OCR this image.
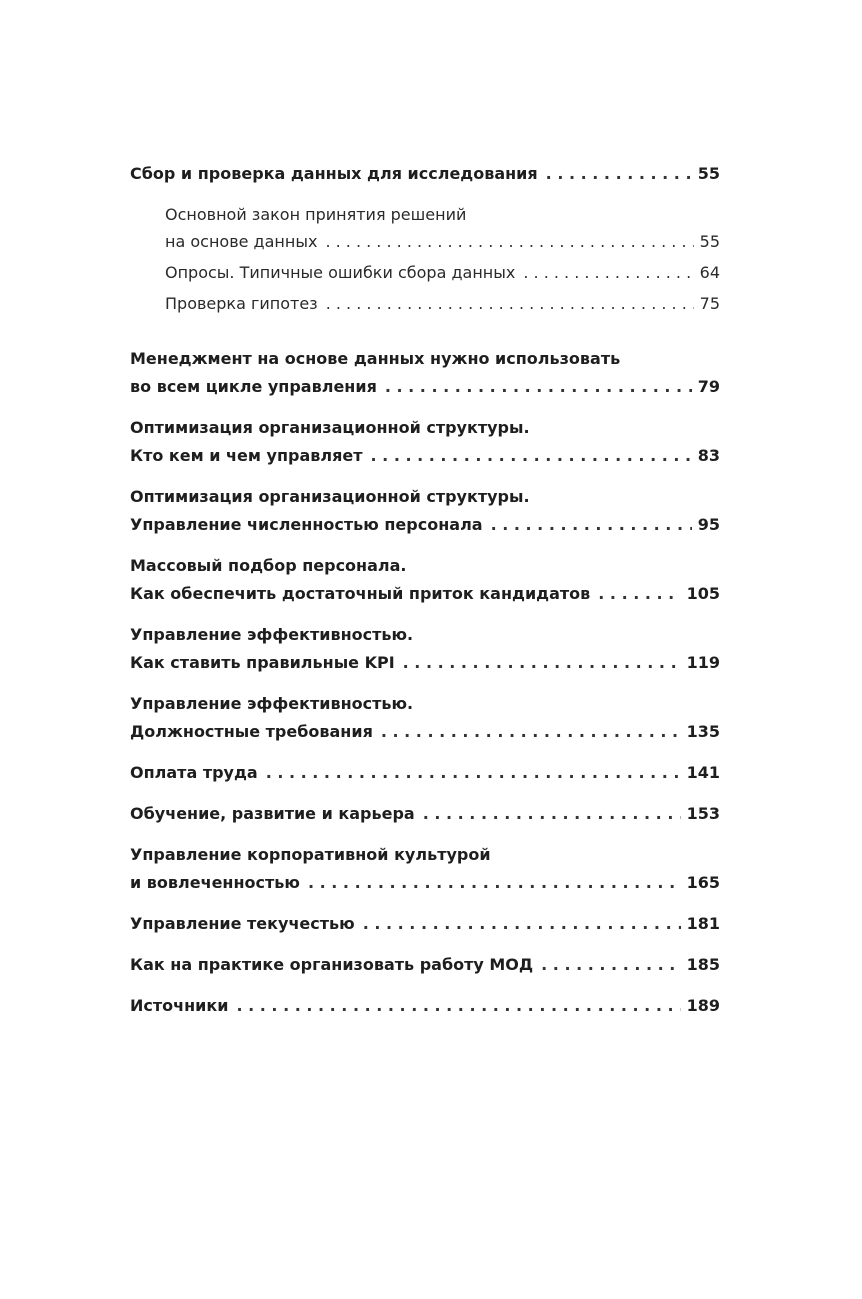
Сбор и проверка данных для исследования . . .	55
Основной закон принятия решений
на основе данных . . .	55
Опросы. Типичные ошибки сбора данных . . .	64
Проверка гипотез . . .	75
Менеджмент на основе данных нужно использовать
во всем цикле управления . . .	79
Оптимизация организационной структуры.
Кто кем и чем управляет . . .	83
Оптимизация организационной структуры.
Управление численностью персонала . . .	95
Массовый подбор персонала.
Как обеспечить достаточный приток кандидатов . . .	105
Управление эффективностью.
Как ставить правильные KPI . . .	119
Управление эффективностью.
Должностные требования . . .	135
Оплата труда . . .	141
Обучение, развитие и карьера . . .	153
Управление корпоративной культурой
и вовлеченностью . . .	165
Управление текучестью . . .	181
Как на практике организовать работу МОД . . .	185
Источники . . .	189
